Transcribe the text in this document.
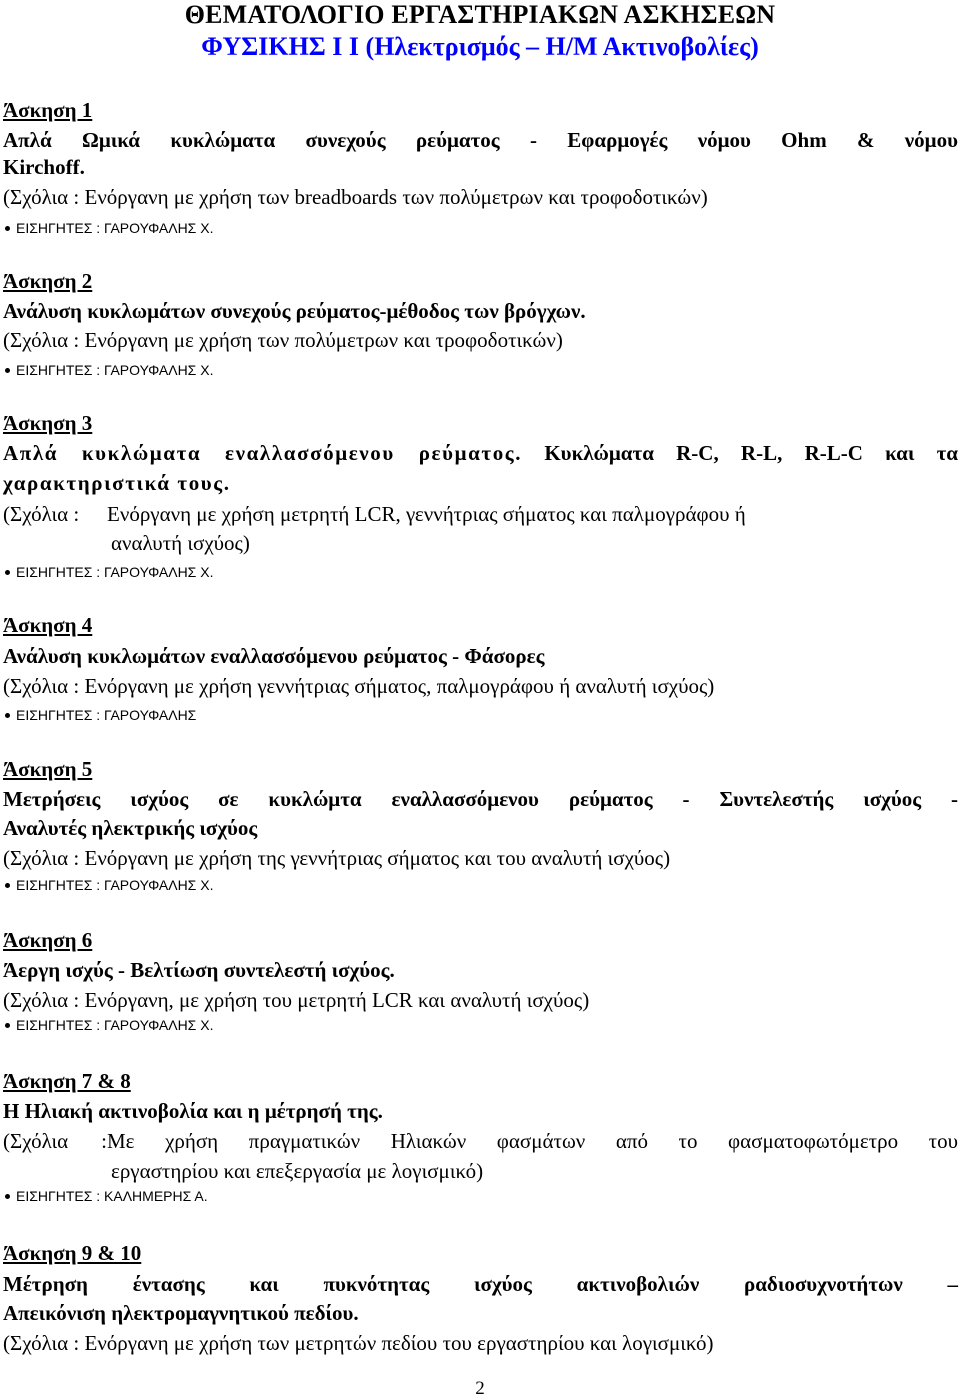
ΘΕΜΑΤΟΛΟΓΙΟ ΕΡΓΑΣΤΗΡΙΑΚΩΝ ΑΣΚΗΣΕΩΝ
ΦΥΣΙΚΗΣ I I (Ηλεκτρισμός – Η/Μ Ακτινοβολίες)
Άσκηση 1
Απλά Ωμικά κυκλώματα συνεχούς ρεύματος - Εφαρμογές νόμου Ohm & νόμου
Kirchoff.
(Σχόλια : Ενόργανη με χρήση των breadboards των πολύμετρων και τροφοδοτικών)
ΕΙΣΗΓΗΤΕΣ : ΓΑΡΟΥΦΑΛΗΣ Χ.
Άσκηση 2
Ανάλυση κυκλωμάτων συνεχούς ρεύματος-μέθοδος των βρόγχων.
(Σχόλια : Ενόργανη με χρήση των πολύμετρων και τροφοδοτικών)
ΕΙΣΗΓΗΤΕΣ : ΓΑΡΟΥΦΑΛΗΣ Χ.
Άσκηση 3
Απλά κυκλώματα εναλλασσόμενου ρεύματος. Κυκλώματα R-C, R-L, R-L-C και τα
χαρακτηριστικά τους.
(Σχόλια : Ενόργανη με χρήση μετρητή LCR, γεννήτριας σήματος και παλμογράφου ή
αναλυτή ισχύος)
ΕΙΣΗΓΗΤΕΣ : ΓΑΡΟΥΦΑΛΗΣ Χ.
Άσκηση 4
Ανάλυση κυκλωμάτων εναλλασσόμενου ρεύματος - Φάσορες
(Σχόλια : Ενόργανη με χρήση γεννήτριας σήματος, παλμογράφου ή αναλυτή ισχύος)
ΕΙΣΗΓΗΤΕΣ : ΓΑΡΟΥΦΑΛΗΣ
Άσκηση 5
Μετρήσεις ισχύος σε κυκλώμτα εναλλασσόμενου ρεύματος - Συντελεστής ισχύος -
Αναλυτές ηλεκτρικής ισχύος
(Σχόλια : Ενόργανη με χρήση της γεννήτριας σήματος και του αναλυτή ισχύος)
ΕΙΣΗΓΗΤΕΣ : ΓΑΡΟΥΦΑΛΗΣ Χ.
Άσκηση 6
Άεργη ισχύς - Βελτίωση συντελεστή ισχύος.
(Σχόλια : Ενόργανη, με χρήση του μετρητή LCR και αναλυτή ισχύος)
ΕΙΣΗΓΗΤΕΣ : ΓΑΡΟΥΦΑΛΗΣ Χ.
Άσκηση 7 & 8
Η Ηλιακή ακτινοβολία και η μέτρησή της.
(Σχόλια :Με χρήση πραγματικών Ηλιακών φασμάτων από το φασματοφωτόμετρο του
εργαστηρίου και επεξεργασία με λογισμικό)
ΕΙΣΗΓΗΤΕΣ : ΚΑΛΗΜΕΡΗΣ Α.
Άσκηση 9 & 10
Μέτρηση έντασης και πυκνότητας ισχύος ακτινοβολιών ραδιοσυχνοτήτων –
Απεικόνιση ηλεκτρομαγνητικού πεδίου.
(Σχόλια : Ενόργανη με χρήση των μετρητών πεδίου του εργαστηρίου και λογισμικό)
2
